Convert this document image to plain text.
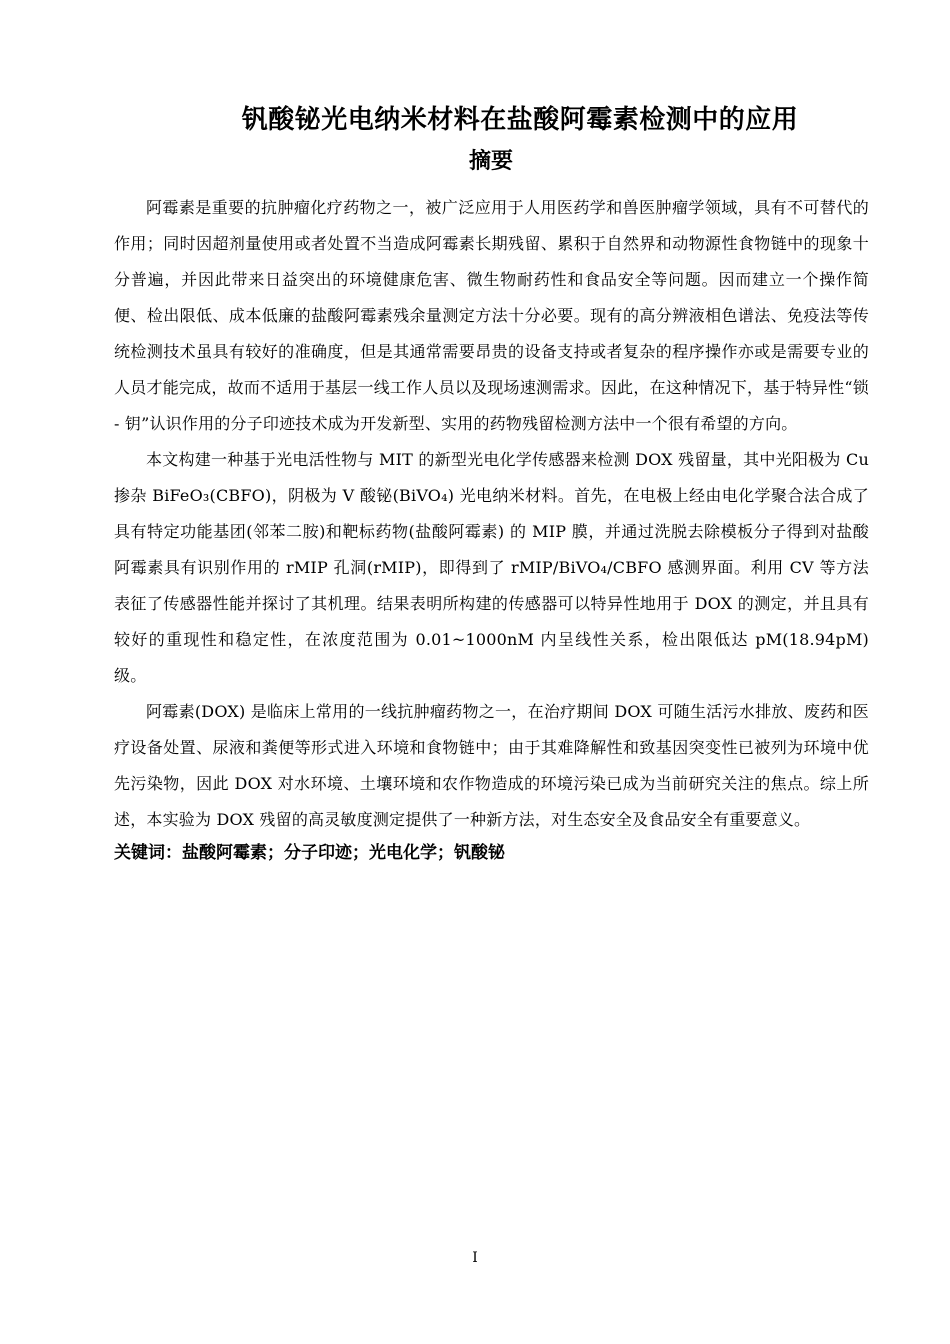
钒酸铋光电纳米材料在盐酸阿霉素检测中的应用
摘要

阿霉素是重要的抗肿瘤化疗药物之一，被广泛应用于人用医药学和兽医肿瘤学领域，具有不可替代的作用；同时因超剂量使用或者处置不当造成阿霉素长期残留、累积于自然界和动物源性食物链中的现象十分普遍，并因此带来日益突出的环境健康危害、微生物耐药性和食品安全等问题。因而建立一个操作简便、检出限低、成本低廉的盐酸阿霉素残余量测定方法十分必要。现有的高分辨液相色谱法、免疫法等传统检测技术虽具有较好的准确度，但是其通常需要昂贵的设备支持或者复杂的程序操作亦或是需要专业的人员才能完成，故而不适用于基层一线工作人员以及现场速测需求。因此，在这种情况下，基于特异性“锁 - 钥”认识作用的分子印迹技术成为开发新型、实用的药物残留检测方法中一个很有希望的方向。

本文构建一种基于光电活性物与 MIT 的新型光电化学传感器来检测 DOX 残留量，其中光阳极为 Cu 掺杂 BiFeO₃(CBFO)，阴极为 V 酸铋(BiVO₄) 光电纳米材料。首先，在电极上经由电化学聚合法合成了具有特定功能基团(邻苯二胺)和靶标药物(盐酸阿霉素) 的 MIP 膜，并通过洗脱去除模板分子得到对盐酸阿霉素具有识别作用的 rMIP 孔洞(rMIP)，即得到了 rMIP/BiVO₄/CBFO 感测界面。利用 CV 等方法表征了传感器性能并探讨了其机理。结果表明所构建的传感器可以特异性地用于 DOX 的测定，并且具有较好的重现性和稳定性，在浓度范围为 0.01~1000nM 内呈线性关系，检出限低达 pM(18.94pM) 级。

阿霉素(DOX) 是临床上常用的一线抗肿瘤药物之一，在治疗期间 DOX 可随生活污水排放、废药和医疗设备处置、尿液和粪便等形式进入环境和食物链中；由于其难降解性和致基因突变性已被列为环境中优先污染物，因此 DOX 对水环境、土壤环境和农作物造成的环境污染已成为当前研究关注的焦点。综上所述，本实验为 DOX 残留的高灵敏度测定提供了一种新方法，对生态安全及食品安全有重要意义。

关键词：盐酸阿霉素；分子印迹；光电化学；钒酸铋

I
